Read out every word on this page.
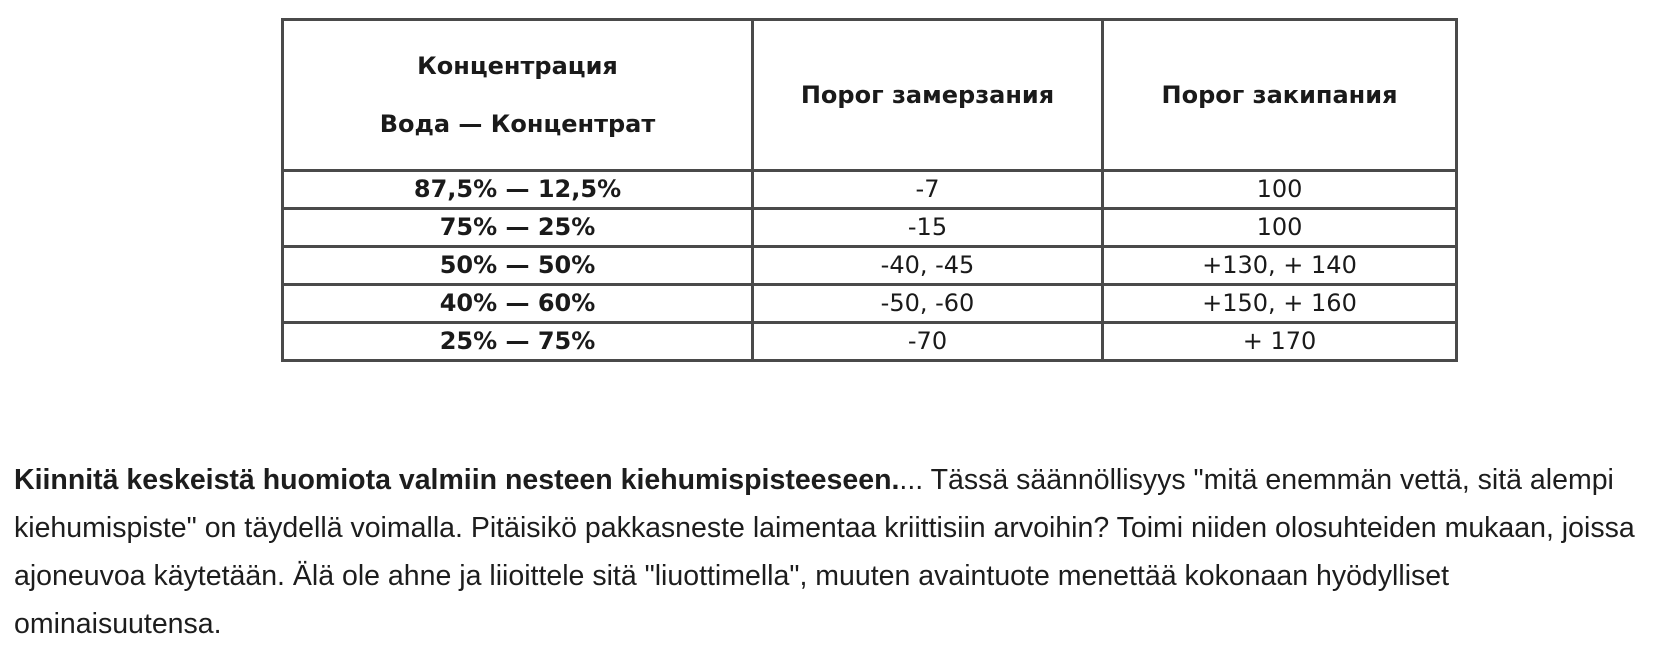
Концентрация
Вода — Концентрат	Порог замерзания	Порог закипания
87,5% — 12,5%	-7	100
75% — 25%	-15	100
50% — 50%	-40, -45	+130, + 140
40% — 60%	-50, -60	+150, + 160
25% — 75%	-70	+ 170

Kiinnitä keskeistä huomiota valmiin nesteen kiehumispisteeseen.... Tässä säännöllisyys "mitä enemmän vettä, sitä alempi kiehumispiste" on täydellä voimalla. Pitäisikö pakkasneste laimentaa kriittisiin arvoihin? Toimi niiden olosuhteiden mukaan, joissa ajoneuvoa käytetään. Älä ole ahne ja liioittele sitä "liuottimella", muuten avaintuote menettää kokonaan hyödylliset ominaisuutensa.
